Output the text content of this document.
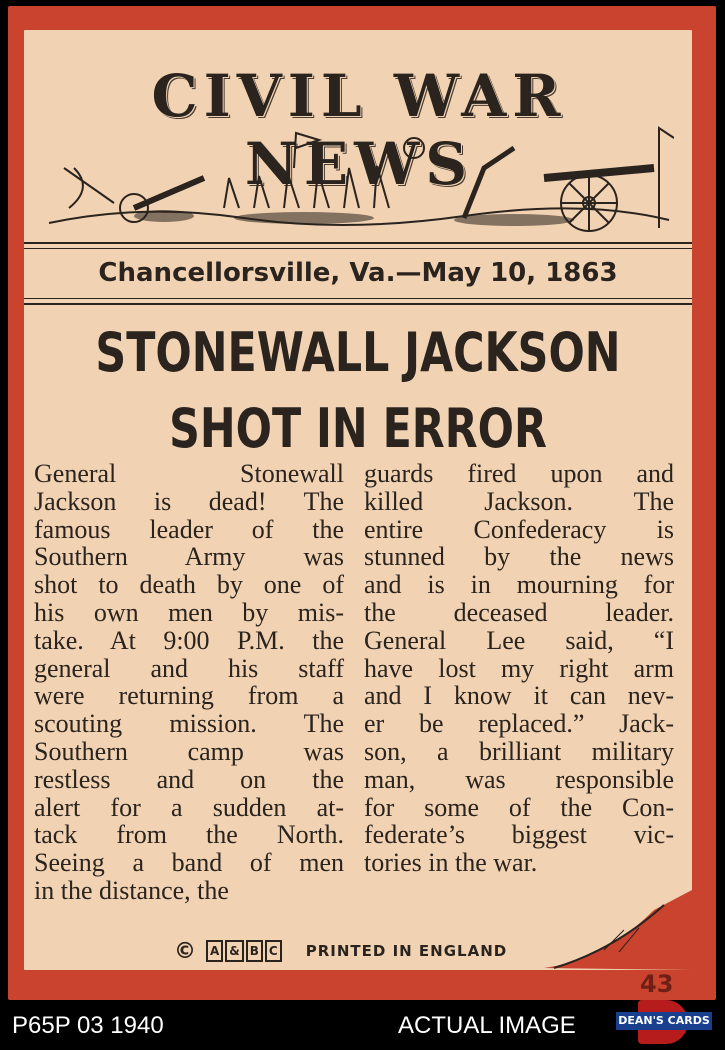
CIVIL WAR NEWS
Chancellorsville, Va.—May 10, 1863
STONEWALL JACKSON
SHOT IN ERROR
General Stonewall
Jackson is dead! The
famous leader of the
Southern Army was
shot to death by one of
his own men by mis-
take. At 9:00 P.M. the
general and his staff
were returning from a
scouting mission. The
Southern camp was
restless and on the
alert for a sudden at-
tack from the North.
Seeing a band of men
in the distance, the
guards fired upon and
killed Jackson. The
entire Confederacy is
stunned by the news
and is in mourning for
the deceased leader.
General Lee said, “I
have lost my right arm
and I know it can nev-
er be replaced.” Jack-
son, a brilliant military
man, was responsible
for some of the Con-
federate’s biggest vic-
tories in the war.
©	A & B C PRINTED IN ENGLAND
43
P65P 03 1940	ACTUAL IMAGE	DEAN'S CARDS
